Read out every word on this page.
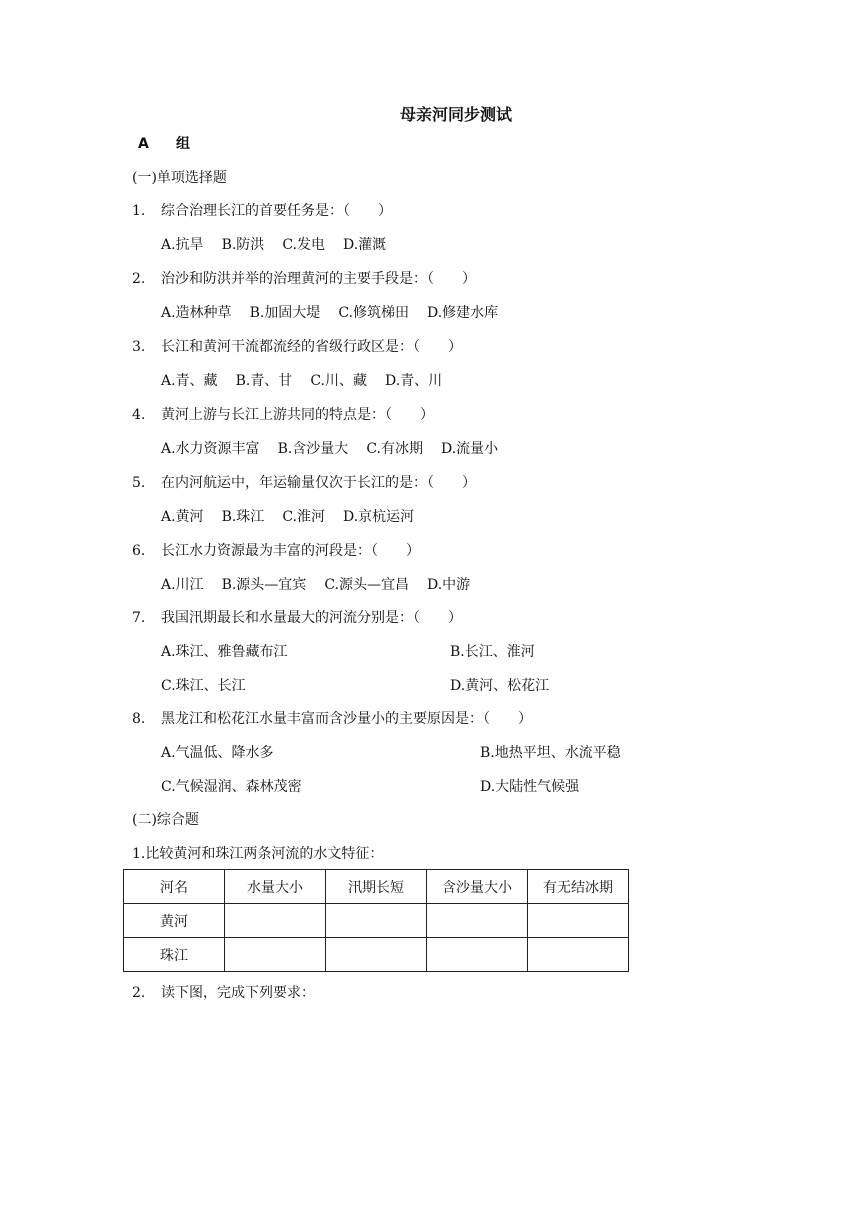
母亲河同步测试
A 组
(一)单项选择题
1. 综合治理长江的首要任务是：（　　）
A.抗旱 B.防洪 C.发电 D.灌溉
2. 治沙和防洪并举的治理黄河的主要手段是：（　　）
A.造林种草 B.加固大堤 C.修筑梯田 D.修建水库
3. 长江和黄河干流都流经的省级行政区是：（　　）
A.青、藏 B.青、甘 C.川、藏 D.青、川
4. 黄河上游与长江上游共同的特点是：（　　）
A.水力资源丰富 B.含沙量大 C.有冰期 D.流量小
5. 在内河航运中，年运输量仅次于长江的是：（　　）
A.黄河 B.珠江 C.淮河 D.京杭运河
6. 长江水力资源最为丰富的河段是：（　　）
A.川江 B.源头—宜宾 C.源头—宜昌 D.中游
7. 我国汛期最长和水量最大的河流分别是：（　　）
A.珠江、雅鲁藏布江	B.长江、淮河
C.珠江、长江	D.黄河、松花江
8. 黑龙江和松花江水量丰富而含沙量小的主要原因是：（　　）
A.气温低、降水多	B.地热平坦、水流平稳
C.气候湿润、森林茂密	D.大陆性气候强
(二)综合题
1.比较黄河和珠江两条河流的水文特征：
河名	水量大小	汛期长短	含沙量大小	有无结冰期
黄河				
珠江				
2. 读下图，完成下列要求：
